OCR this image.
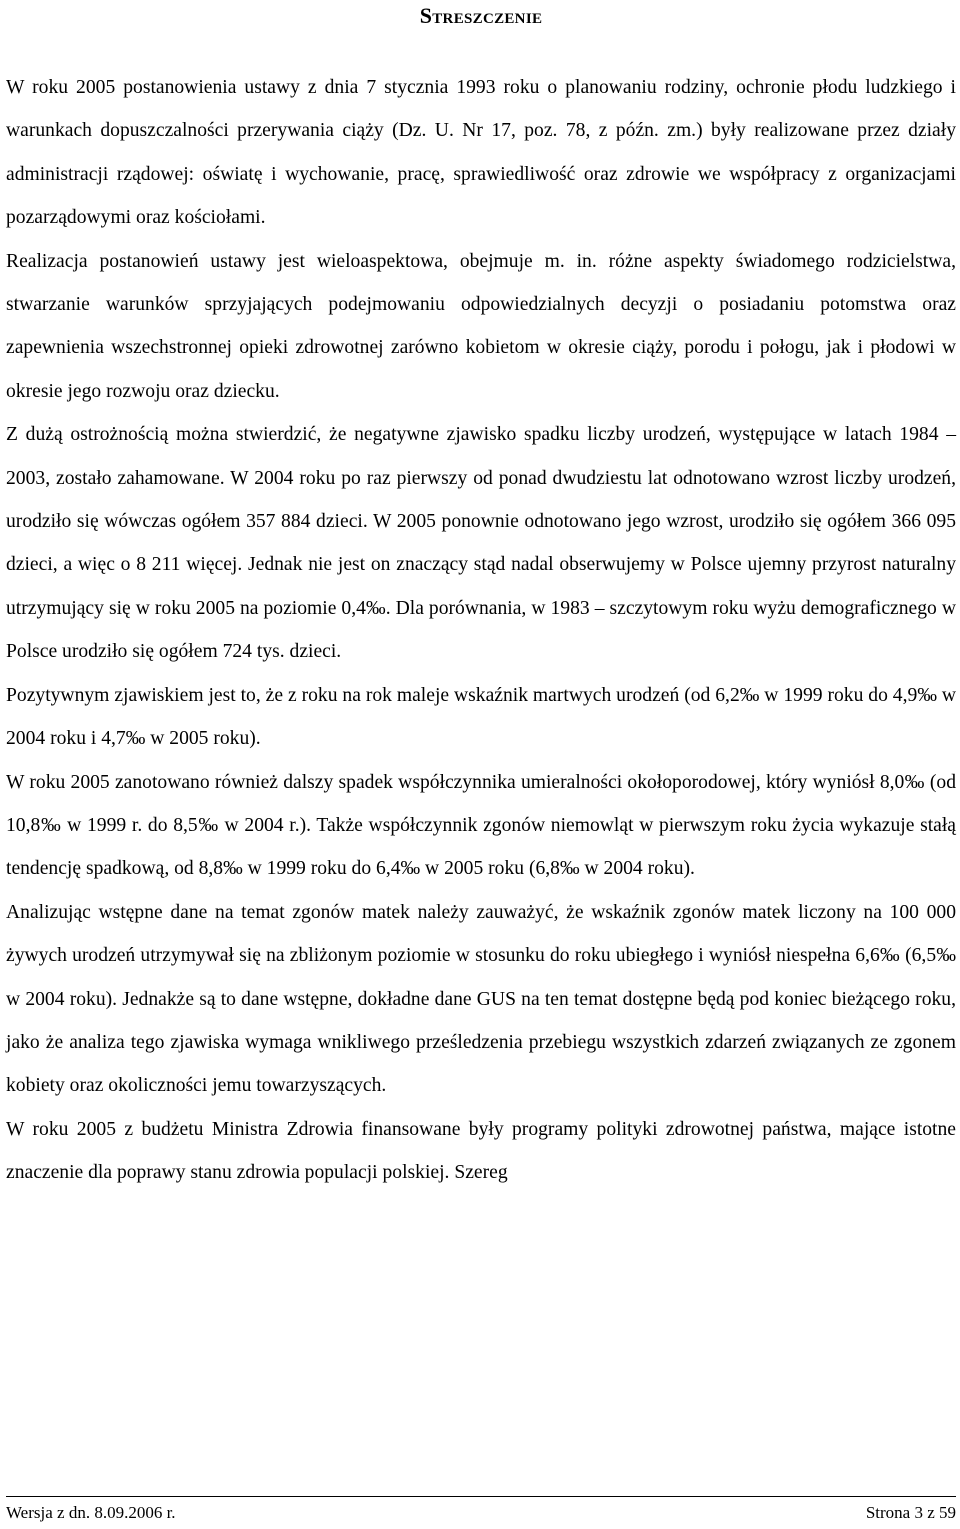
Streszczenie

W roku 2005 postanowienia ustawy z dnia 7 stycznia 1993 roku o planowaniu rodziny, ochronie płodu ludzkiego i warunkach dopuszczalności przerywania ciąży (Dz. U. Nr 17, poz. 78, z późn. zm.) były realizowane przez działy administracji rządowej: oświatę i wychowanie, pracę, sprawiedliwość oraz zdrowie we współpracy z organizacjami pozarządowymi oraz kościołami.

Realizacja postanowień ustawy jest wieloaspektowa, obejmuje m. in. różne aspekty świadomego rodzicielstwa, stwarzanie warunków sprzyjających podejmowaniu odpowiedzialnych decyzji o posiadaniu potomstwa oraz zapewnienia wszechstronnej opieki zdrowotnej zarówno kobietom w okresie ciąży, porodu i połogu, jak i płodowi w okresie jego rozwoju oraz dziecku.

Z dużą ostrożnością można stwierdzić, że negatywne zjawisko spadku liczby urodzeń, występujące w latach 1984 – 2003, zostało zahamowane. W 2004 roku po raz pierwszy od ponad dwudziestu lat odnotowano wzrost liczby urodzeń, urodziło się wówczas ogółem 357 884 dzieci. W 2005 ponownie odnotowano jego wzrost, urodziło się ogółem 366 095 dzieci, a więc o 8 211 więcej. Jednak nie jest on znaczący stąd nadal obserwujemy w Polsce ujemny przyrost naturalny utrzymujący się w roku 2005 na poziomie 0,4‰. Dla porównania, w 1983 – szczytowym roku wyżu demograficznego w Polsce urodziło się ogółem 724 tys. dzieci.

Pozytywnym zjawiskiem jest to, że z roku na rok maleje wskaźnik martwych urodzeń (od 6,2‰ w 1999 roku do 4,9‰ w 2004 roku i 4,7‰ w 2005 roku).

W roku 2005 zanotowano również dalszy spadek współczynnika umieralności okołoporodowej, który wyniósł 8,0‰ (od 10,8‰ w 1999 r. do 8,5‰ w 2004 r.). Także współczynnik zgonów niemowląt w pierwszym roku życia wykazuje stałą tendencję spadkową, od 8,8‰ w 1999 roku do 6,4‰ w 2005 roku (6,8‰ w 2004 roku).

Analizując wstępne dane na temat zgonów matek należy zauważyć, że wskaźnik zgonów matek liczony na 100 000 żywych urodzeń utrzymywał się na zbliżonym poziomie w stosunku do roku ubiegłego i wyniósł niespełna 6,6‰ (6,5‰ w 2004 roku). Jednakże są to dane wstępne, dokładne dane GUS na ten temat dostępne będą pod koniec bieżącego roku, jako że analiza tego zjawiska wymaga wnikliwego prześledzenia przebiegu wszystkich zdarzeń związanych ze zgonem kobiety oraz okoliczności jemu towarzyszących.

W roku 2005 z budżetu Ministra Zdrowia finansowane były programy polityki zdrowotnej państwa, mające istotne znaczenie dla poprawy stanu zdrowia populacji polskiej. Szereg

Wersja z dn. 8.09.2006 r.	Strona 3 z 59
